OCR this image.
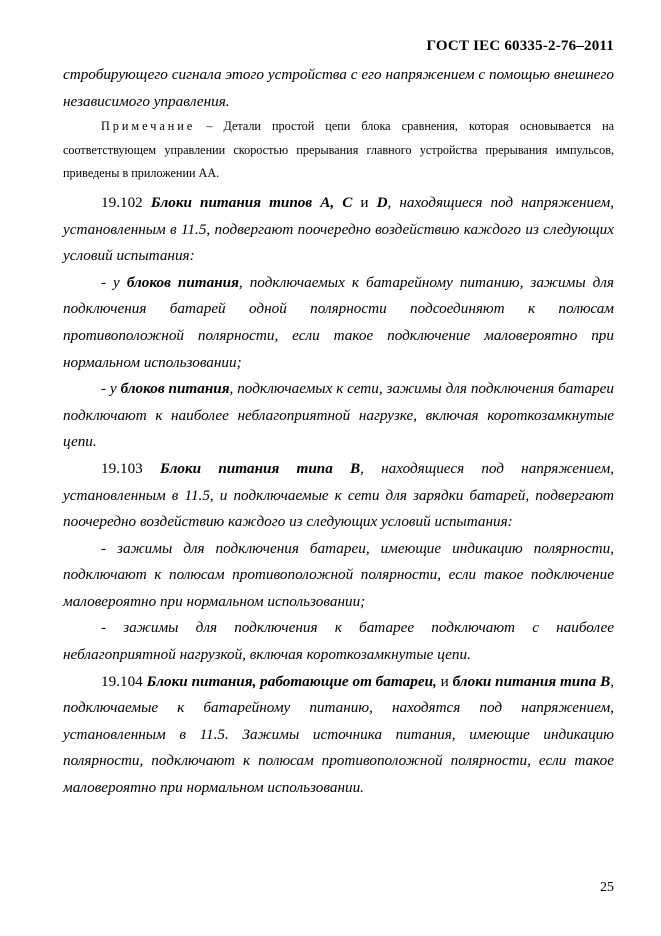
ГОСТ IEC 60335-2-76–2011

стробирующего сигнала этого устройства с его напряжением с помощью внешнего независимого управления.

Примечание – Детали простой цепи блока сравнения, которая основывается на соответствующем управлении скоростью прерывания главного устройства прерывания импульсов, приведены в приложении АА.

19.102 Блоки питания типов A, C и D, находящиеся под напряжением, установленным в 11.5, подвергают поочередно воздействию каждого из следующих условий испытания:

- у блоков питания, подключаемых к батарейному питанию, зажимы для подключения батарей одной полярности подсоединяют к полюсам противоположной полярности, если такое подключение маловероятно при нормальном использовании;

- у блоков питания, подключаемых к сети, зажимы для подключения батареи подключают к наиболее неблагоприятной нагрузке, включая короткозамкнутые цепи.

19.103 Блоки питания типа B, находящиеся под напряжением, установленным в 11.5, и подключаемые к сети для зарядки батарей, подвергают поочередно воздействию каждого из следующих условий испытания:

- зажимы для подключения батареи, имеющие индикацию полярности, подключают к полюсам противоположной полярности, если такое подключение маловероятно при нормальном использовании;

- зажимы для подключения к батарее подключают с наиболее неблагоприятной нагрузкой, включая короткозамкнутые цепи.

19.104 Блоки питания, работающие от батареи, и блоки питания типа B, подключаемые к батарейному питанию, находятся под напряжением, установленным в 11.5. Зажимы источника питания, имеющие индикацию полярности, подключают к полюсам противоположной полярности, если такое маловероятно при нормальном использовании.

25
